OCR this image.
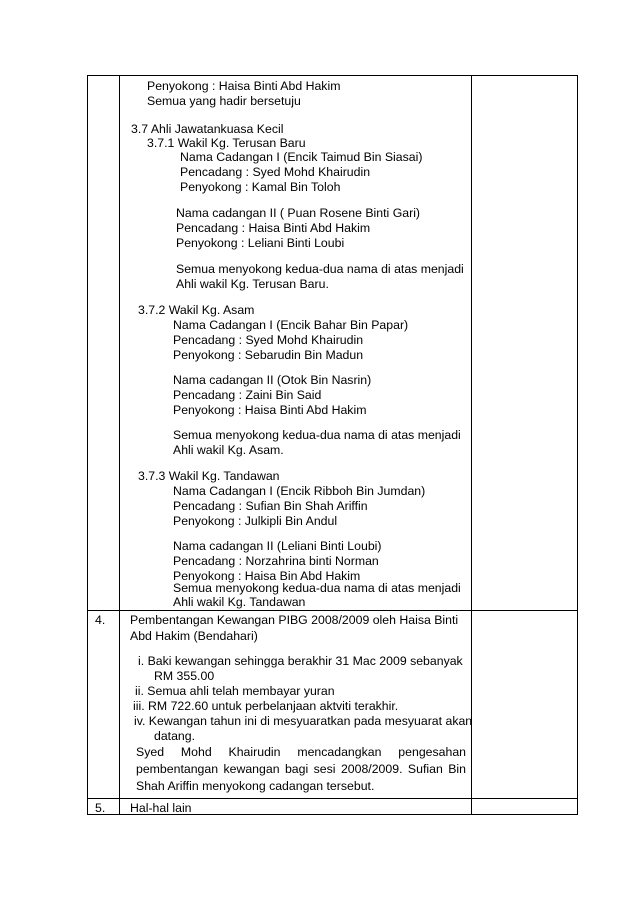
Penyokong : Haisa Binti Abd Hakim
Semua yang hadir bersetuju
3.7 Ahli Jawatankuasa Kecil
3.7.1 Wakil Kg. Terusan Baru
Nama Cadangan I (Encik Taimud Bin Siasai)
Pencadang : Syed Mohd Khairudin
Penyokong : Kamal Bin Toloh
Nama cadangan II ( Puan Rosene Binti Gari)
Pencadang : Haisa Binti Abd Hakim
Penyokong : Leliani Binti Loubi
Semua menyokong kedua-dua nama di atas menjadi
Ahli wakil Kg. Terusan Baru.
3.7.2 Wakil Kg. Asam
Nama Cadangan I (Encik Bahar Bin Papar)
Pencadang : Syed Mohd Khairudin
Penyokong : Sebarudin Bin Madun
Nama cadangan II (Otok Bin Nasrin)
Pencadang : Zaini Bin Said
Penyokong : Haisa Binti Abd Hakim
Semua menyokong kedua-dua nama di atas menjadi
Ahli wakil Kg. Asam.
3.7.3 Wakil Kg. Tandawan
Nama Cadangan I (Encik Ribboh Bin Jumdan)
Pencadang : Sufian Bin Shah Ariffin
Penyokong : Julkipli Bin Andul
Nama cadangan II (Leliani Binti Loubi)
Pencadang : Norzahrina binti Norman
Penyokong : Haisa Bin Abd Hakim
Semua menyokong kedua-dua nama di atas menjadi
Ahli wakil Kg. Tandawan
4. Pembentangan Kewangan PIBG 2008/2009 oleh Haisa Binti
Abd Hakim (Bendahari)
i. Baki kewangan sehingga berakhir 31 Mac 2009 sebanyak
RM 355.00
ii. Semua ahli telah membayar yuran
iii. RM 722.60 untuk perbelanjaan aktviti terakhir.
iv. Kewangan tahun ini di mesyuaratkan pada mesyuarat akan
datang.
Syed Mohd Khairudin mencadangkan pengesahan pembentangan kewangan bagi sesi 2008/2009. Sufian Bin Shah Ariffin menyokong cadangan tersebut.
5. Hal-hal lain
